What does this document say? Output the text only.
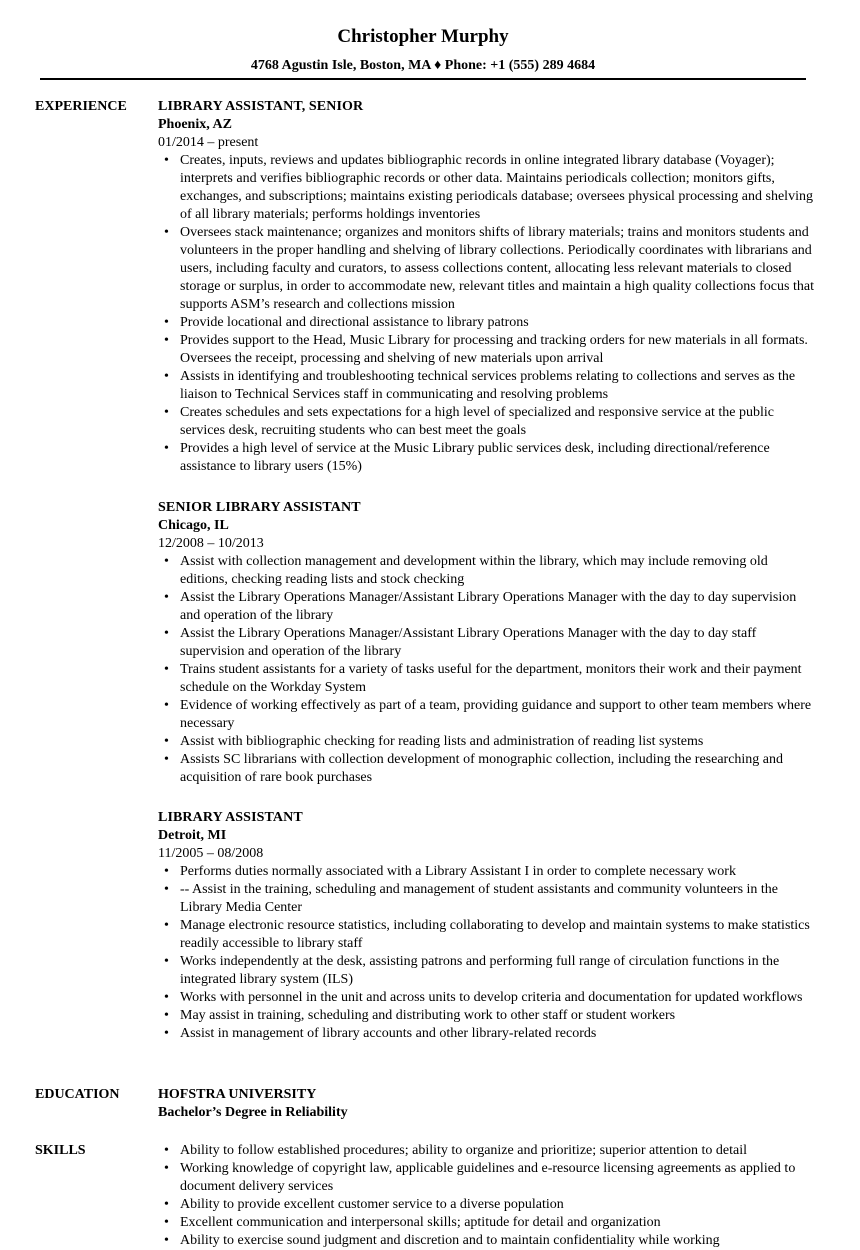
Christopher Murphy
4768 Agustin Isle, Boston, MA ♦ Phone: +1 (555) 289 4684
EXPERIENCE LIBRARY ASSISTANT, SENIOR
Phoenix, AZ
01/2014 – present
• Creates, inputs, reviews and updates bibliographic records in online integrated library database (Voyager); interprets and verifies bibliographic records or other data. Maintains periodicals collection; monitors gifts, exchanges, and subscriptions; maintains existing periodicals database; oversees physical processing and shelving of all library materials; performs holdings inventories
• Oversees stack maintenance; organizes and monitors shifts of library materials; trains and monitors students and volunteers in the proper handling and shelving of library collections. Periodically coordinates with librarians and users, including faculty and curators, to assess collections content, allocating less relevant materials to closed storage or surplus, in order to accommodate new, relevant titles and maintain a high quality collections focus that supports ASM’s research and collections mission
• Provide locational and directional assistance to library patrons
• Provides support to the Head, Music Library for processing and tracking orders for new materials in all formats. Oversees the receipt, processing and shelving of new materials upon arrival
• Assists in identifying and troubleshooting technical services problems relating to collections and serves as the liaison to Technical Services staff in communicating and resolving problems
• Creates schedules and sets expectations for a high level of specialized and responsive service at the public services desk, recruiting students who can best meet the goals
• Provides a high level of service at the Music Library public services desk, including directional/reference assistance to library users (15%)
SENIOR LIBRARY ASSISTANT
Chicago, IL
12/2008 – 10/2013
• Assist with collection management and development within the library, which may include removing old editions, checking reading lists and stock checking
• Assist the Library Operations Manager/Assistant Library Operations Manager with the day to day supervision and operation of the library
• Assist the Library Operations Manager/Assistant Library Operations Manager with the day to day staff supervision and operation of the library
• Trains student assistants for a variety of tasks useful for the department, monitors their work and their payment schedule on the Workday System
• Evidence of working effectively as part of a team, providing guidance and support to other team members where necessary
• Assist with bibliographic checking for reading lists and administration of reading list systems
• Assists SC librarians with collection development of monographic collection, including the researching and acquisition of rare book purchases
LIBRARY ASSISTANT
Detroit, MI
11/2005 – 08/2008
• Performs duties normally associated with a Library Assistant I in order to complete necessary work
• -- Assist in the training, scheduling and management of student assistants and community volunteers in the Library Media Center
• Manage electronic resource statistics, including collaborating to develop and maintain systems to make statistics readily accessible to library staff
• Works independently at the desk, assisting patrons and performing full range of circulation functions in the integrated library system (ILS)
• Works with personnel in the unit and across units to develop criteria and documentation for updated workflows
• May assist in training, scheduling and distributing work to other staff or student workers
• Assist in management of library accounts and other library-related records
EDUCATION	HOFSTRA UNIVERSITY
Bachelor’s Degree in Reliability
SKILLS
•	Ability to follow established procedures; ability to organize and prioritize; superior attention to detail
• Working knowledge of copyright law, applicable guidelines and e-resource licensing agreements as applied to document delivery services
• Ability to provide excellent customer service to a diverse population
• Excellent communication and interpersonal skills; aptitude for detail and organization
• Ability to exercise sound judgment and discretion and to maintain confidentiality while working
